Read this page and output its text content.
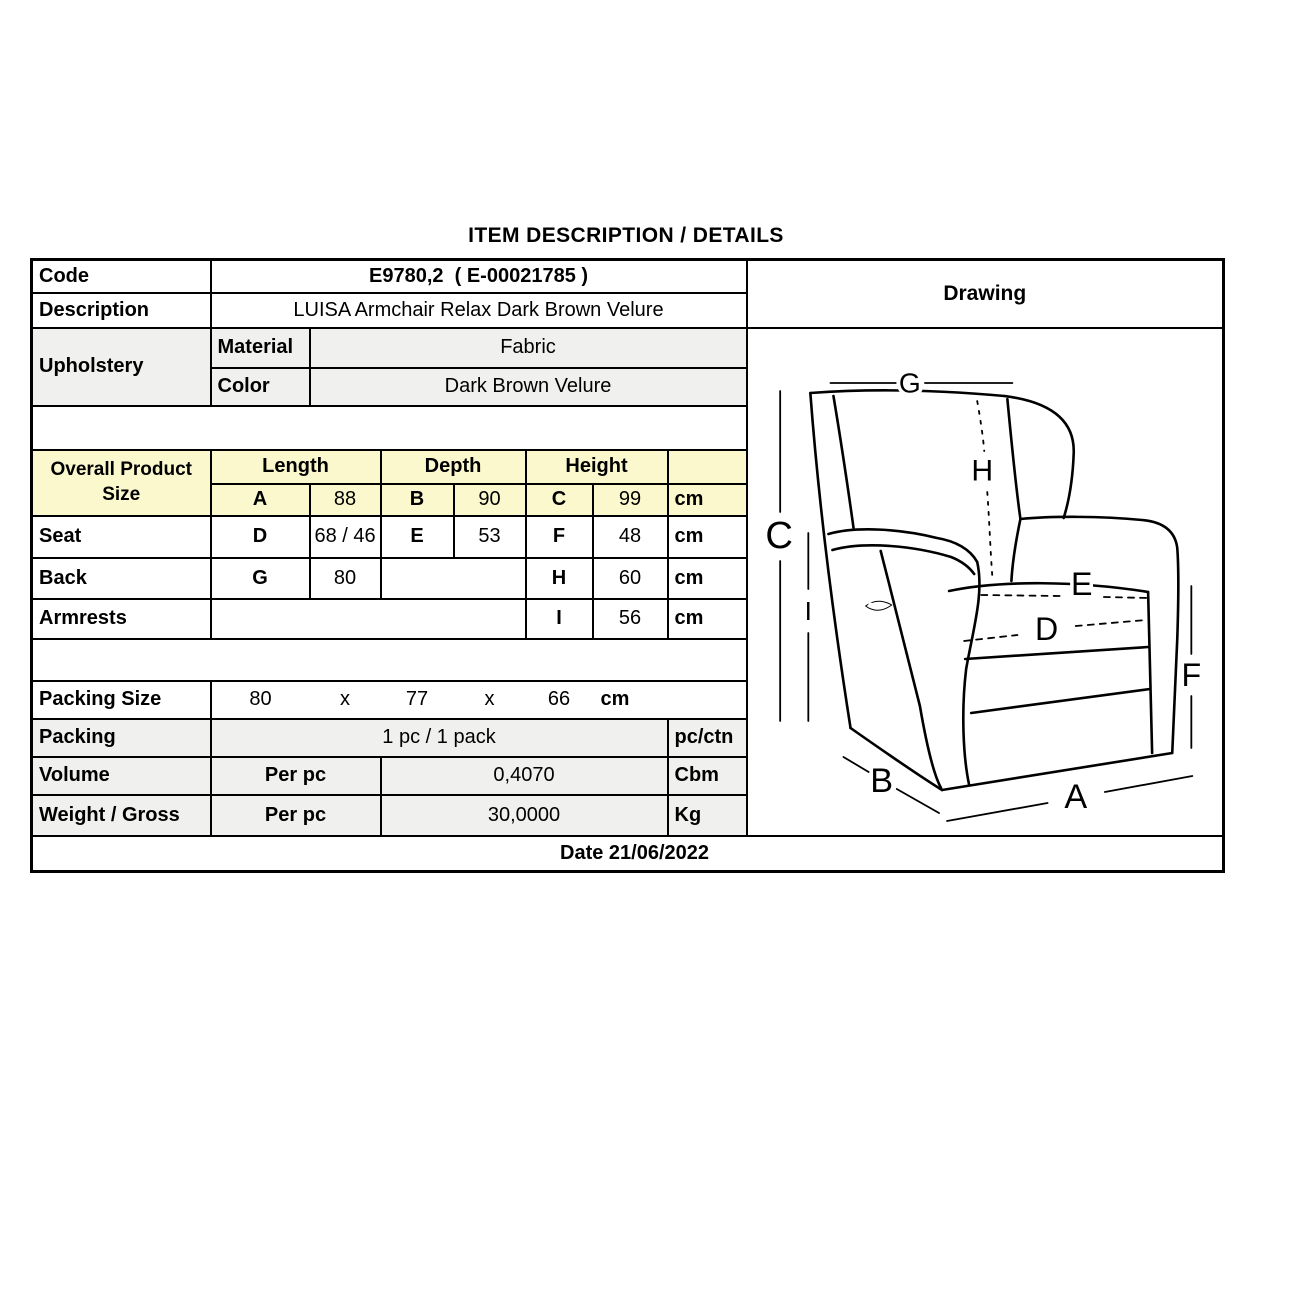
ITEM DESCRIPTION / DETAILS
Code	E9780,2  ( E-00021785 )							Drawing
Description	LUISA Armchair Relax Dark Brown Velure							
Upholstery	Material	Fabric	
G
C
I
H
E
D
F
B	A

	Color	Dark Brown Velure						

Overall Product
Size	Length		Depth		Height			
	A	88	B	90	C	99	cm	
Seat	D	68 / 46	E	53	F	48	cm	
Back	G	80			H	60	cm	
Armrests					I	56	cm	

Packing Size	80	x	77	x	66	cm		
Packing	1 pc / 1 pack						pc/ctn	
Volume	Per pc		0,4070				Cbm	
Weight / Gross	Per pc		30,0000				Kg	
Date 21/06/2022								
